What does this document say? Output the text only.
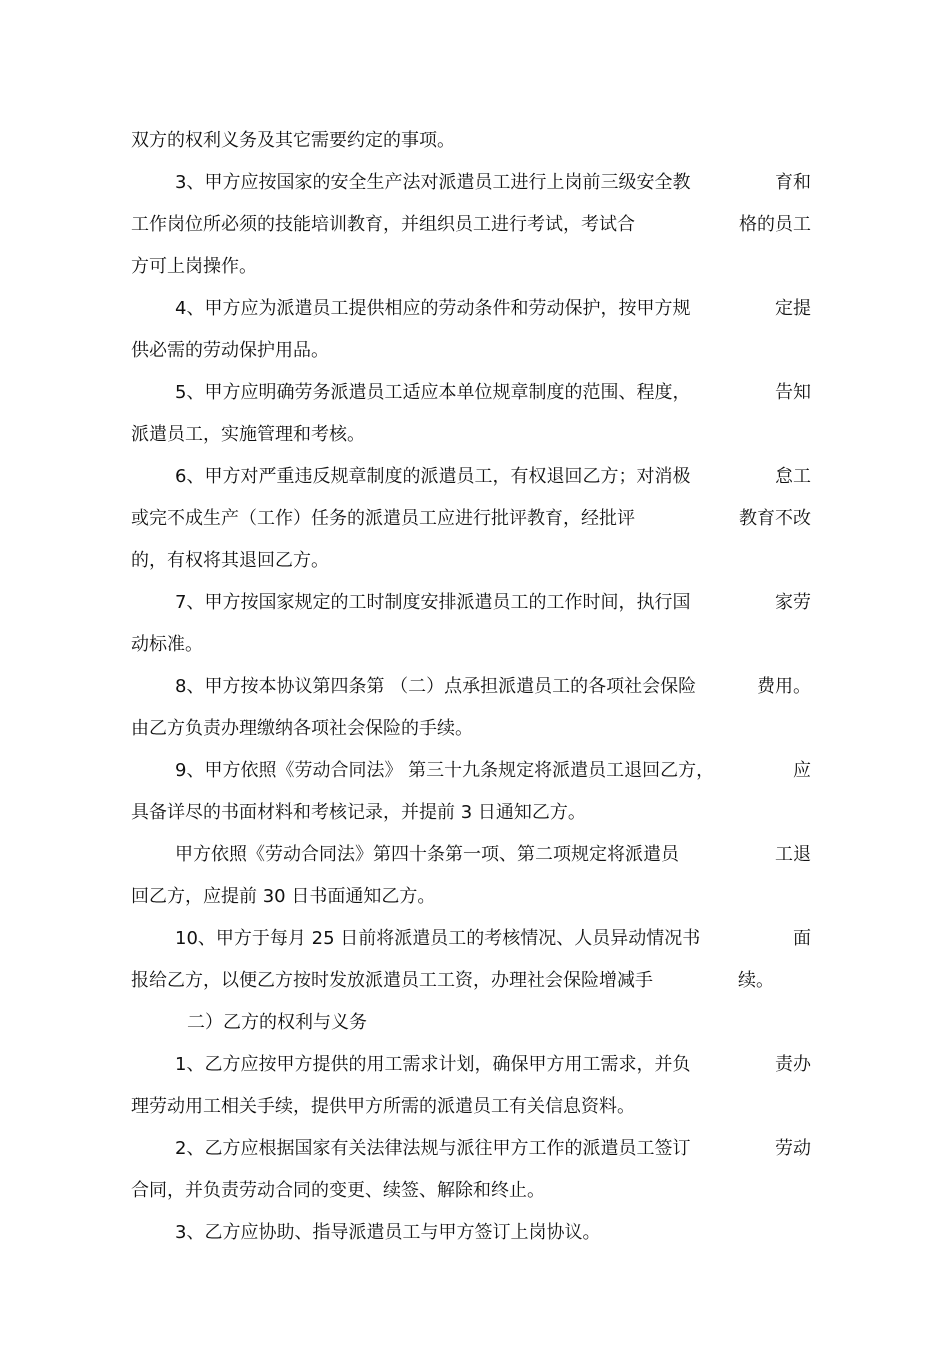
双方的权利义务及其它需要约定的事项。
3、甲方应按国家的安全生产法对派遣员工进行上岗前三级安全教	育和
工作岗位所必须的技能培训教育，并组织员工进行考试，考试合	格的员工
方可上岗操作。
4、甲方应为派遣员工提供相应的劳动条件和劳动保护，按甲方规	定提
供必需的劳动保护用品。
5、甲方应明确劳务派遣员工适应本单位规章制度的范围、程度，	告知
派遣员工，实施管理和考核。
6、甲方对严重违反规章制度的派遣员工，有权退回乙方；对消极	怠工
或完不成生产（工作）任务的派遣员工应进行批评教育，经批评	教育不改
的，有权将其退回乙方。
7、甲方按国家规定的工时制度安排派遣员工的工作时间，执行国	家劳
动标准。
8、甲方按本协议第四条第 （二）点承担派遣员工的各项社会保险	费用。
由乙方负责办理缴纳各项社会保险的手续。
9、甲方依照《劳动合同法》 第三十九条规定将派遣员工退回乙方，	应
具备详尽的书面材料和考核记录，并提前 3 日通知乙方。
甲方依照《劳动合同法》第四十条第一项、第二项规定将派遣员	工退
回乙方，应提前 30 日书面通知乙方。
10、甲方于每月 25 日前将派遣员工的考核情况、人员异动情况书	面
报给乙方，以便乙方按时发放派遣员工工资，办理社会保险增减手	续。
二）乙方的权利与义务
1、乙方应按甲方提供的用工需求计划，确保甲方用工需求，并负	责办
理劳动用工相关手续，提供甲方所需的派遣员工有关信息资料。
2、乙方应根据国家有关法律法规与派往甲方工作的派遣员工签订	劳动
合同，并负责劳动合同的变更、续签、解除和终止。
3、乙方应协助、指导派遣员工与甲方签订上岗协议。
